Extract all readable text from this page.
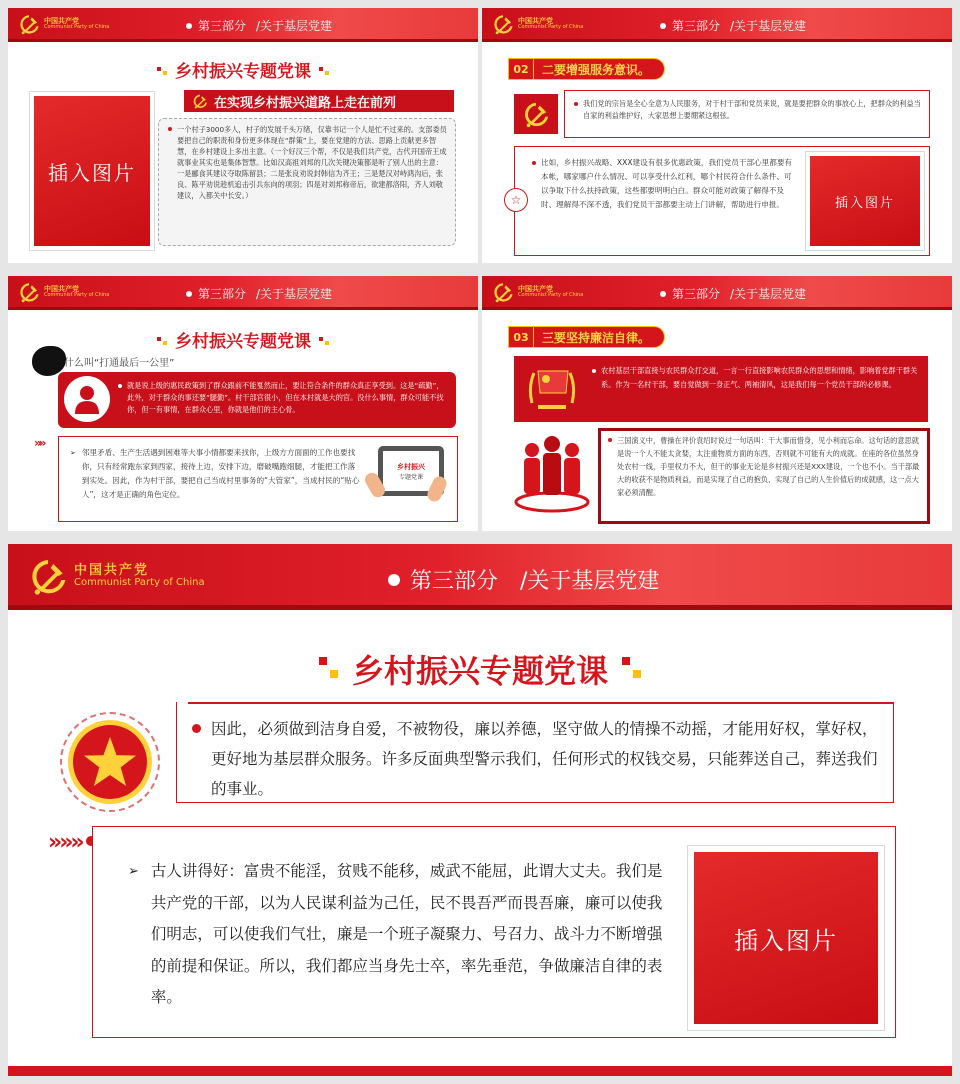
中国共产党
Communist Party of China	第三部分 /关于基层党建
乡村振兴专题党课
插入图片
在实现乡村振兴道路上走在前列
一个村子3000多人，村子的发展千头万绪，仅靠书记一个人是忙不过来的。支部委员要把自己的职责和身份更多体现在“群策”上，要在党建的方法、思路上贡献更多智慧，在乡村建设上多出主意。（一个好汉三个帮，不仅是我们共产党，古代开国帝王成就事业其实也是集体智慧。比如汉高祖刘邦的几次关键决策都是听了别人出的主意：一是郦食其建议夺取陈留县；二是张良劝说封韩信为齐王；三是楚汉对峙鸿沟后，张良、陈平劝说趁机追击引兵东向的项羽；四是对刘邦称帝后，欲建都洛阳，齐人刘敬建议，入都关中长安。）
中国共产党
Communist Party of China	第三部分 /关于基层党建
02	二要增强服务意识。
我们党的宗旨是全心全意为人民服务，对于村干部和党员来说，就是要把群众的事放心上，把群众的利益当自家的利益维护好，大家思想上要绷紧这根弦。
☆
比如，乡村振兴战略、XXX建设有很多优惠政策，我们党员干部心里都要有本帐，哪家哪户什么情况、可以享受什么红利，哪个村民符合什么条件、可以争取下什么扶持政策，这些都要明明白白。群众可能对政策了解得不及时、理解得不深不透，我们党员干部都要主动上门讲解，帮助进行申报。	插入图片
中国共产党
Communist Party of China	第三部分 /关于基层党建
乡村振兴专题党课
什么叫“打通最后一公里”
就是说上级的惠民政策到了群众跟前不能戛然而止，要让符合条件的群众真正享受到。这是“疏勤”，此外，对于群众的事还要“腿勤”。村干部官很小，但在本村就是大的官。没什么事情，群众可能不找你，但一有事情，在群众心里，你就是他们的主心骨。
»»
➢ 邻里矛盾、生产生活遇到困难等大事小情都要来找你，上级方方面面的工作也要找你，只有经常跑东家到西家，接待上边，安排下边，磨破嘴跑细腿，才能把工作落到实处。因此，作为村干部，要把自己当成村里事务的“大管家”，当成村民的“贴心人”，这才是正确的角色定位。
乡村振兴
专题党课
中国共产党
Communist Party of China	第三部分 /关于基层党建
03	三要坚持廉洁自律。
农村基层干部直接与农民群众打交道，一言一行直接影响农民群众的思想和情绪，影响着党群干群关系。作为一名村干部，要自觉做到一身正气、两袖清风，这是我们每一个党员干部的必修课。
三国演义中，曹操在评价袁绍时说过一句话叫：干大事而惜身，见小利而忘命。这句话的意思就是说一个人不能太贪婪，太注重物质方面的东西，否则就不可能有大的成就。在座的各位虽然身处农村一线，手里权力不大，但干的事业无论是乡村振兴还是XXX建设，一个也不小。当干部最大的收获不是物质利益，而是实现了自己的抱负、实现了自己的人生价值后的成就感，这一点大家必须清醒。
中国共产党
Communist Party of China	第三部分 /关于基层党建
乡村振兴专题党课
因此，必须做到洁身自爱，不被物役，廉以养德，坚守做人的情操不动摇，才能用好权，掌好权，更好地为基层群众服务。许多反面典型警示我们，任何形式的权钱交易，只能葬送自己，葬送我们的事业。
»»»
➢ 古人讲得好：富贵不能淫，贫贱不能移，威武不能屈，此谓大丈夫。我们是共产党的干部，以为人民谋利益为己任，民不畏吾严而畏吾廉，廉可以使我们明志，可以使我们气壮，廉是一个班子凝聚力、号召力、战斗力不断增强的前提和保证。所以，我们都应当身先士卒，率先垂范，争做廉洁自律的表率。
插入图片
